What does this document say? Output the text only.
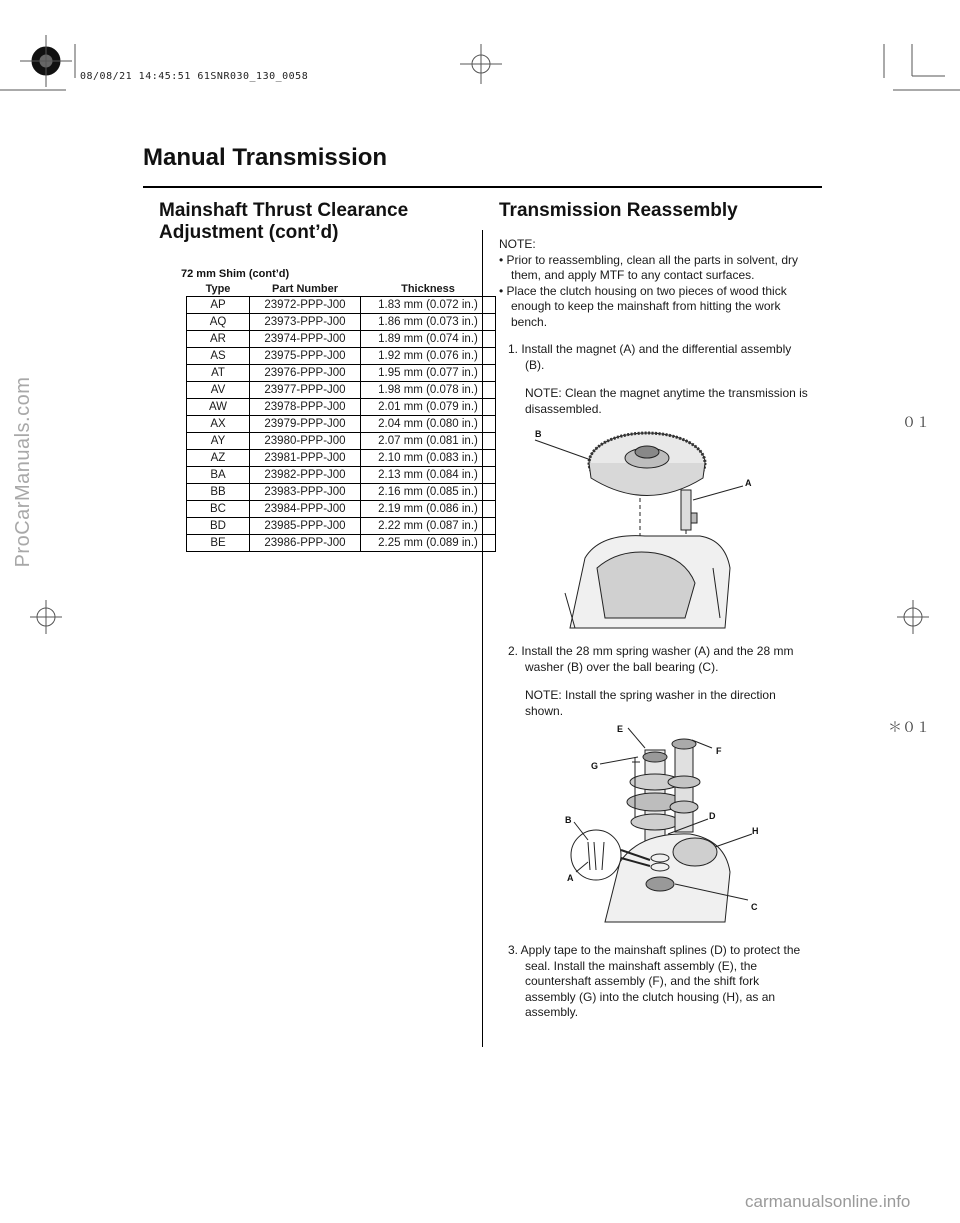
08/08/21 14:45:51 61SNR030_130_0058
Manual Transmission
Mainshaft Thrust Clearance
Adjustment (cont’d)
Transmission Reassembly
72 mm Shim (cont’d)
Type	Part Number	Thickness
AP	23972-PPP-J00	1.83 mm (0.072 in.)
AQ	23973-PPP-J00	1.86 mm (0.073 in.)
AR	23974-PPP-J00	1.89 mm (0.074 in.)
AS	23975-PPP-J00	1.92 mm (0.076 in.)
AT	23976-PPP-J00	1.95 mm (0.077 in.)
AV	23977-PPP-J00	1.98 mm (0.078 in.)
AW	23978-PPP-J00	2.01 mm (0.079 in.)
AX	23979-PPP-J00	2.04 mm (0.080 in.)
AY	23980-PPP-J00	2.07 mm (0.081 in.)
AZ	23981-PPP-J00	2.10 mm (0.083 in.)
BA	23982-PPP-J00	2.13 mm (0.084 in.)
BB	23983-PPP-J00	2.16 mm (0.085 in.)
BC	23984-PPP-J00	2.19 mm (0.086 in.)
BD	23985-PPP-J00	2.22 mm (0.087 in.)
BE	23986-PPP-J00	2.25 mm (0.089 in.)
NOTE:
• Prior to reassembling, clean all the parts in solvent, dry them, and apply MTF to any contact surfaces.
• Place the clutch housing on two pieces of wood thick enough to keep the mainshaft from hitting the work bench.
1. Install the magnet (A) and the differential assembly (B).
NOTE: Clean the magnet anytime the transmission is disassembled.
B
A
2. Install the 28 mm spring washer (A) and the 28 mm washer (B) over the ball bearing (C).
NOTE: Install the spring washer in the direction shown.
E
F
G
D
B
H
A
C
3. Apply tape to the mainshaft splines (D) to protect the seal. Install the mainshaft assembly (E), the countershaft assembly (F), and the shift fork assembly (G) into the clutch housing (H), as an assembly.
０１
＊０１
ProCarManuals.com
carmanualsonline.info
